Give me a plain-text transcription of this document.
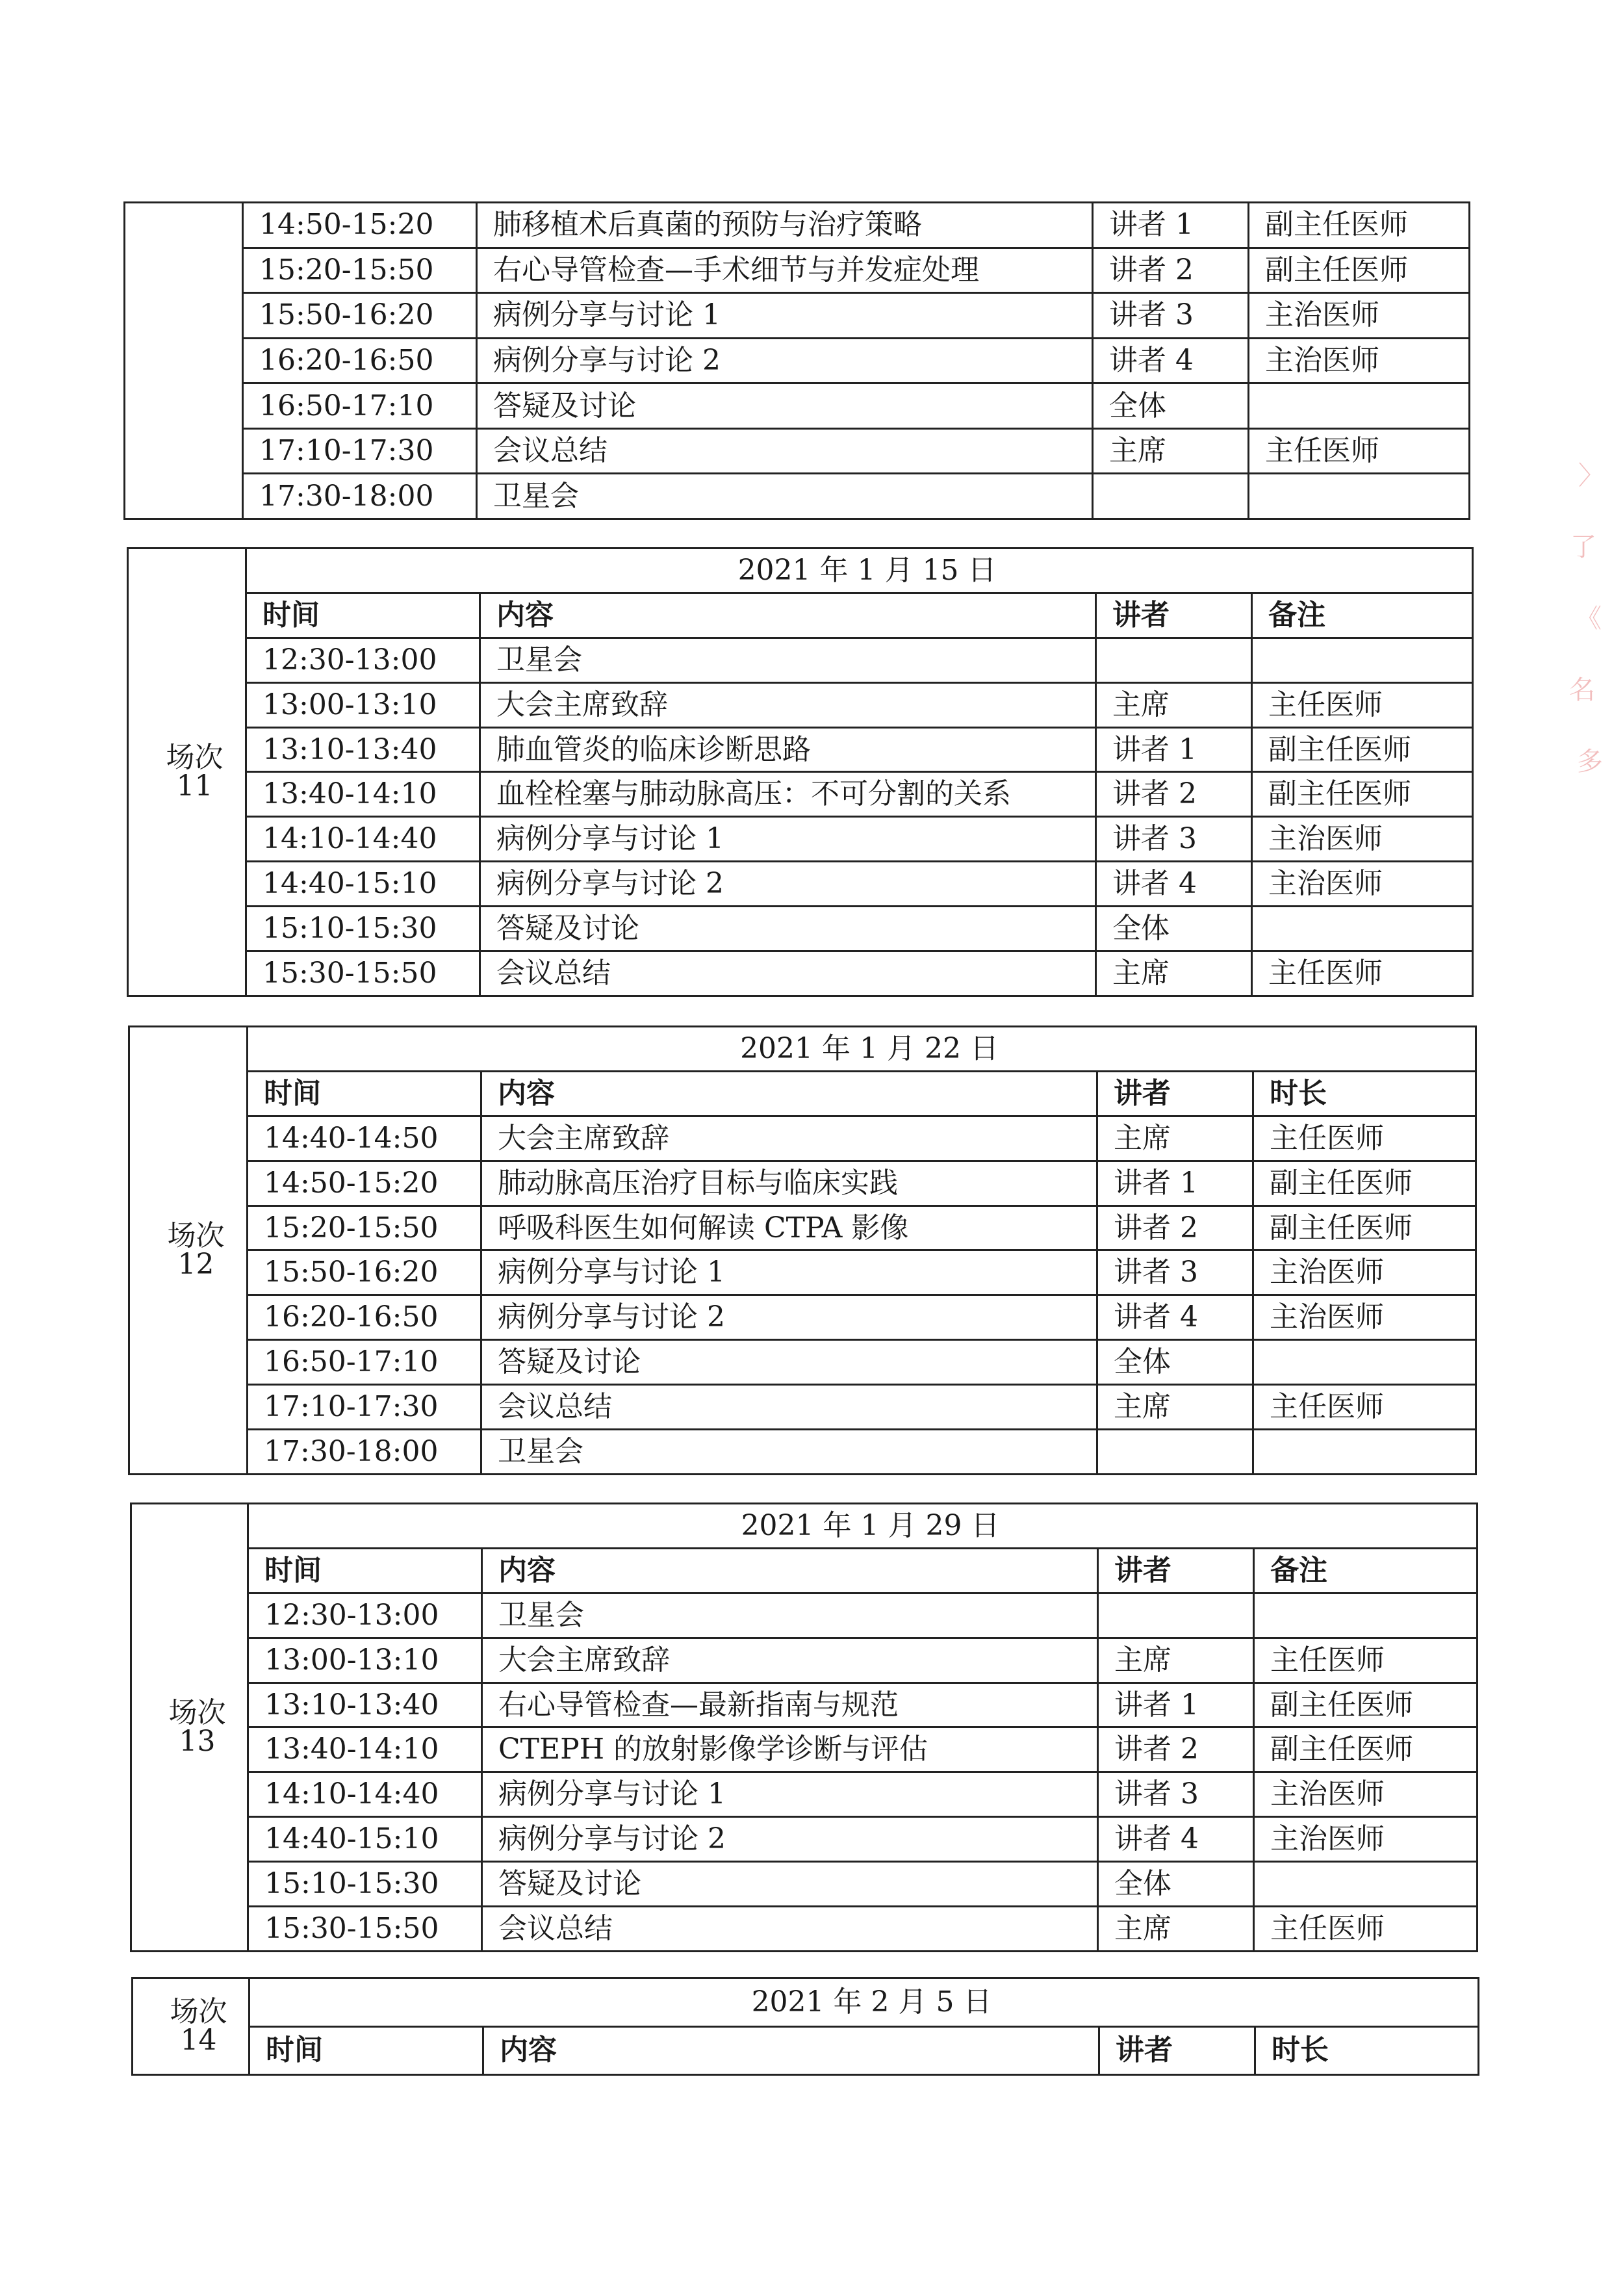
	14:50-15:20	肺移植术后真菌的预防与治疗策略	讲者 1	副主任医师
	15:20-15:50	右心导管检查—手术细节与并发症处理	讲者 2	副主任医师
	15:50-16:20	病例分享与讨论 1	讲者 3	主治医师
	16:20-16:50	病例分享与讨论 2	讲者 4	主治医师
	16:50-17:10	答疑及讨论	全体	
	17:10-17:30	会议总结	主席	主任医师
	17:30-18:00	卫星会		
场次
11	2021 年 1 月 15 日			
	时间	内容	讲者	备注
	12:30-13:00	卫星会		
	13:00-13:10	大会主席致辞	主席	主任医师
	13:10-13:40	肺血管炎的临床诊断思路	讲者 1	副主任医师
	13:40-14:10	血栓栓塞与肺动脉高压：不可分割的关系	讲者 2	副主任医师
	14:10-14:40	病例分享与讨论 1	讲者 3	主治医师
	14:40-15:10	病例分享与讨论 2	讲者 4	主治医师
	15:10-15:30	答疑及讨论	全体	
	15:30-15:50	会议总结	主席	主任医师
场次
12	2021 年 1 月 22 日			
	时间	内容	讲者	时长
	14:40-14:50	大会主席致辞	主席	主任医师
	14:50-15:20	肺动脉高压治疗目标与临床实践	讲者 1	副主任医师
	15:20-15:50	呼吸科医生如何解读 CTPA 影像	讲者 2	副主任医师
	15:50-16:20	病例分享与讨论 1	讲者 3	主治医师
	16:20-16:50	病例分享与讨论 2	讲者 4	主治医师
	16:50-17:10	答疑及讨论	全体	
	17:10-17:30	会议总结	主席	主任医师
	17:30-18:00	卫星会		
场次
13	2021 年 1 月 29 日			
	时间	内容	讲者	备注
	12:30-13:00	卫星会		
	13:00-13:10	大会主席致辞	主席	主任医师
	13:10-13:40	右心导管检查—最新指南与规范	讲者 1	副主任医师
	13:40-14:10	CTEPH 的放射影像学诊断与评估	讲者 2	副主任医师
	14:10-14:40	病例分享与讨论 1	讲者 3	主治医师
	14:40-15:10	病例分享与讨论 2	讲者 4	主治医师
	15:10-15:30	答疑及讨论	全体	
	15:30-15:50	会议总结	主席	主任医师
场次
14	2021 年 2 月 5 日			
	时间	内容	讲者	时长
〉
了
《
名
多
